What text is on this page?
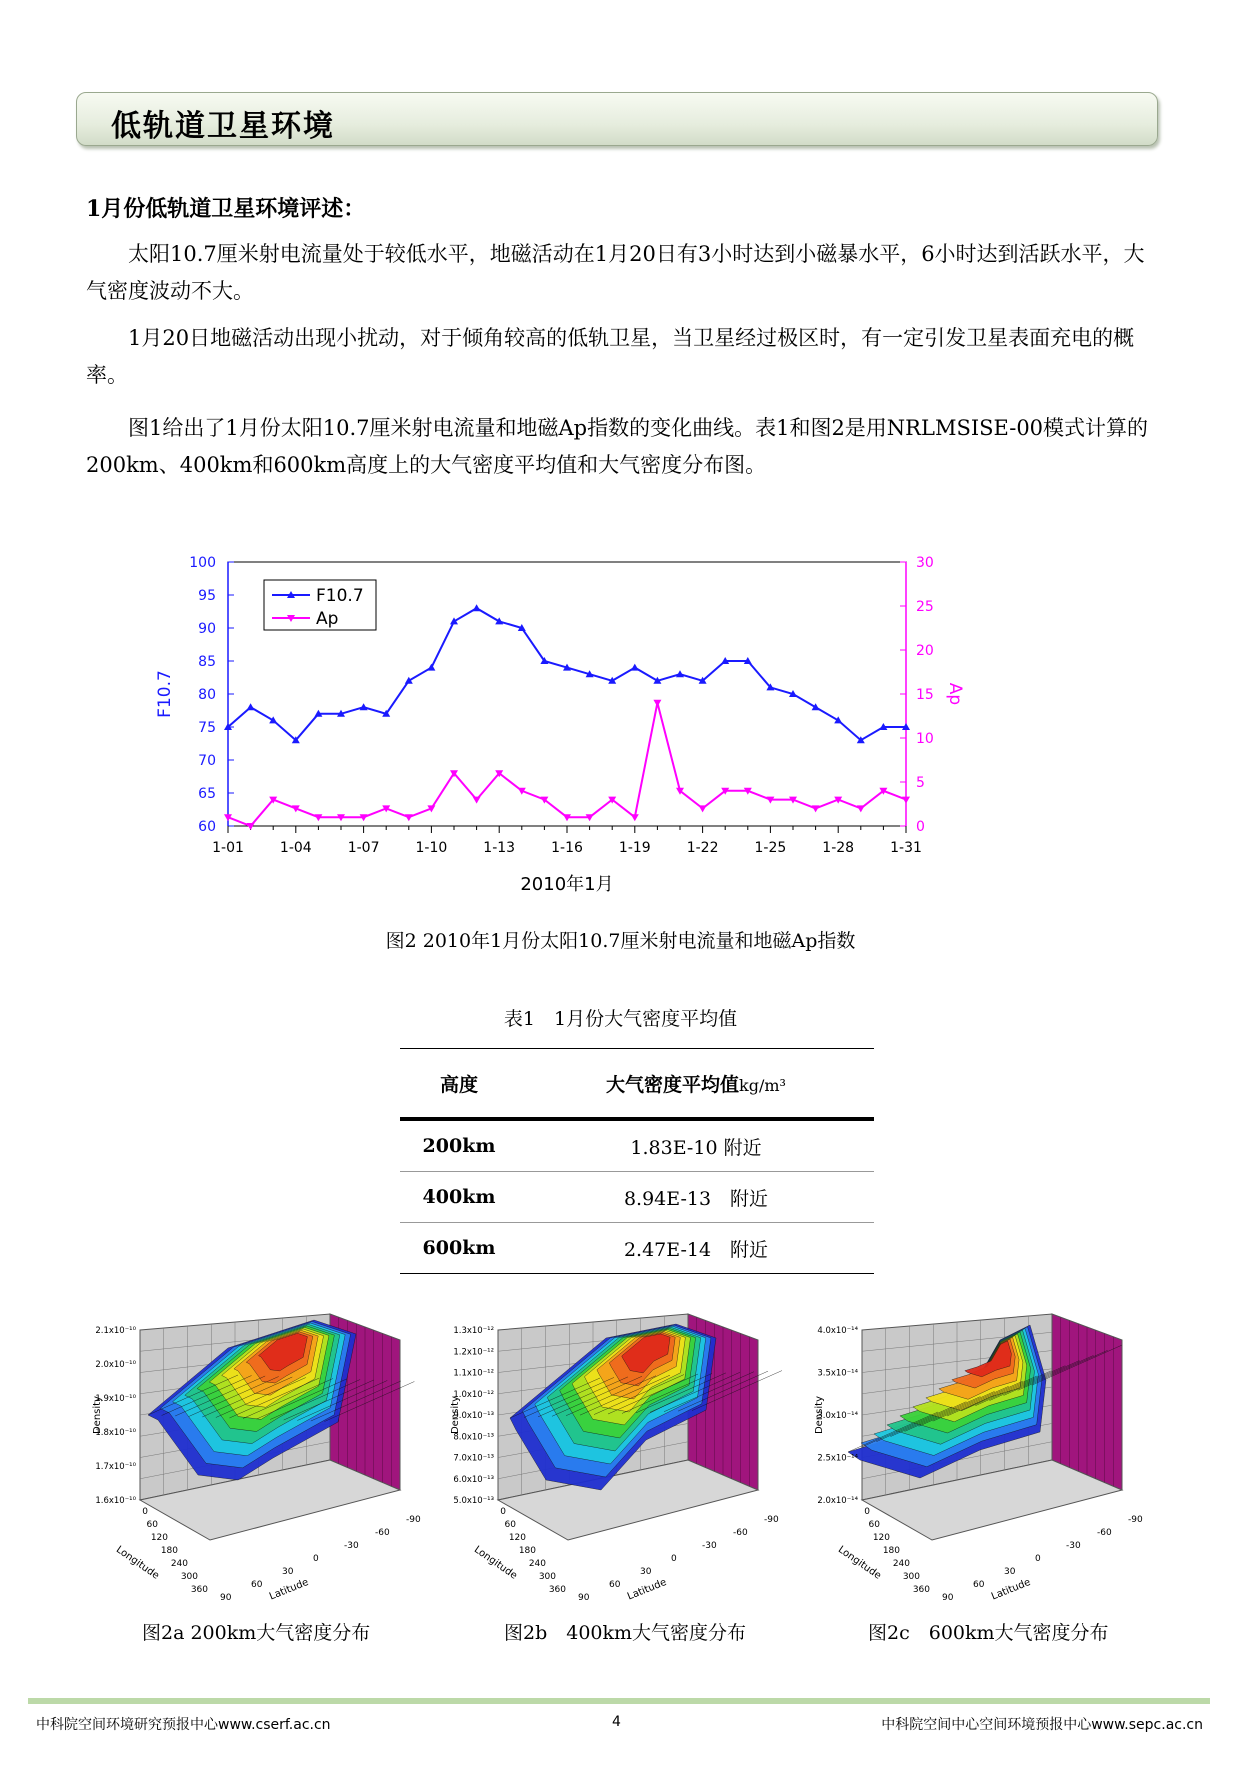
低轨道卫星环境
1月份低轨道卫星环境评述：
太阳10.7厘米射电流量处于较低水平，地磁活动在1月20日有3小时达到小磁暴水平，6小时达到活跃水平，大气密度波动不大。
1月20日地磁活动出现小扰动，对于倾角较高的低轨卫星，当卫星经过极区时，有一定引发卫星表面充电的概率。
图1给出了1月份太阳10.7厘米射电流量和地磁Ap指数的变化曲线。表1和图2是用NRLMSISE-00模式计算的200km、400km和600km高度上的大气密度平均值和大气密度分布图。
60
65
70
75
80
85
90
95
100
0
5
10
15
20
25
30
1-01	1-04	1-07	1-10	1-13	1-16	1-19	1-22	1-25	1-28	1-31
F10.7	Ap
2010年1月
F10.7
Ap
图2 2010年1月份太阳10.7厘米射电流量和地磁Ap指数
表1　1月份大气密度平均值
高度	大气密度平均值kg/m³
200km	1.83E-10 附近
400km	8.94E-13　附近
600km	2.47E-14　附近
1.6x10⁻¹⁰
1.7x10⁻¹⁰
1.8x10⁻¹⁰
1.9x10⁻¹⁰
2.0x10⁻¹⁰
2.1x10⁻¹⁰
Density
0
60
120
180
240
300
360
Longitude
90
60
30
0
-30
-60
-90
Latitude
5.0x10⁻¹³
6.0x10⁻¹³
7.0x10⁻¹³
8.0x10⁻¹³
9.0x10⁻¹³
1.0x10⁻¹²
1.1x10⁻¹²
1.2x10⁻¹²
1.3x10⁻¹²
Density
0
60
120
180
240
300
360
Longitude
90
60
30
0
-30
-60
-90
Latitude
2.0x10⁻¹⁴
2.5x10⁻¹⁴
3.0x10⁻¹⁴
3.5x10⁻¹⁴
4.0x10⁻¹⁴
Density
0
60
120
180
240
300
360
Longitude
90
60
30
0
-30
-60
-90
Latitude
图2a 200km大气密度分布	图2b　400km大气密度分布	图2c　600km大气密度分布
中科院空间环境研究预报中心www.cserf.ac.cn	4	中科院空间中心空间环境预报中心www.sepc.ac.cn
